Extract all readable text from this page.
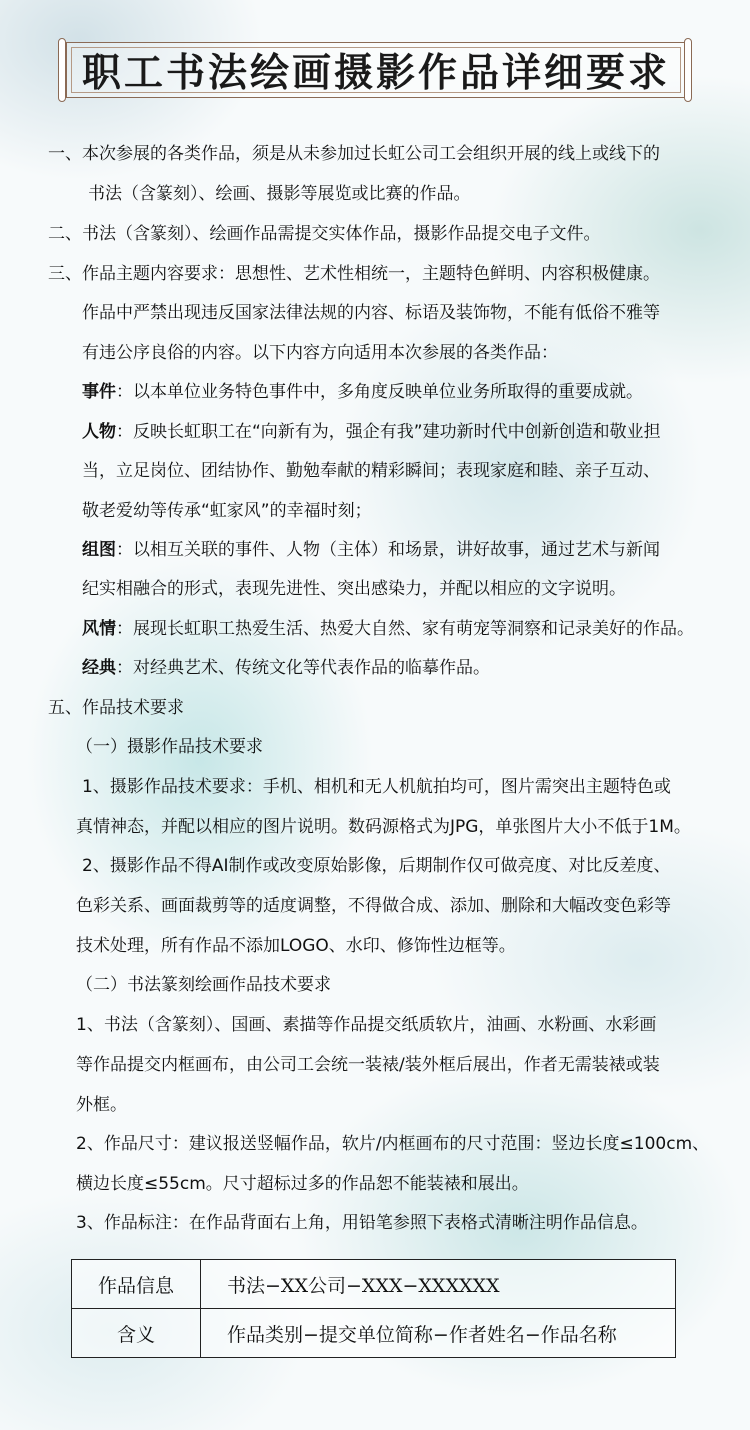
职工书法绘画摄影作品详细要求
一、本次参展的各类作品，须是从未参加过长虹公司工会组织开展的线上或线下的
书法（含篆刻）、绘画、摄影等展览或比赛的作品。
二、书法（含篆刻）、绘画作品需提交实体作品，摄影作品提交电子文件。
三、作品主题内容要求：思想性、艺术性相统一，主题特色鲜明、内容积极健康。
作品中严禁出现违反国家法律法规的内容、标语及装饰物，不能有低俗不雅等
有违公序良俗的内容。以下内容方向适用本次参展的各类作品：
事件：以本单位业务特色事件中，多角度反映单位业务所取得的重要成就。
人物：反映长虹职工在“向新有为，强企有我”建功新时代中创新创造和敬业担
当，立足岗位、团结协作、勤勉奉献的精彩瞬间；表现家庭和睦、亲子互动、
敬老爱幼等传承“虹家风”的幸福时刻；
组图：以相互关联的事件、人物（主体）和场景，讲好故事，通过艺术与新闻
纪实相融合的形式，表现先进性、突出感染力，并配以相应的文字说明。
风情：展现长虹职工热爱生活、热爱大自然、家有萌宠等洞察和记录美好的作品。
经典：对经典艺术、传统文化等代表作品的临摹作品。
五、作品技术要求
（一）摄影作品技术要求
1、摄影作品技术要求：手机、相机和无人机航拍均可，图片需突出主题特色或
真情神态，并配以相应的图片说明。数码源格式为JPG，单张图片大小不低于1M。
2、摄影作品不得AI制作或改变原始影像，后期制作仅可做亮度、对比反差度、
色彩关系、画面裁剪等的适度调整，不得做合成、添加、删除和大幅改变色彩等
技术处理，所有作品不添加LOGO、水印、修饰性边框等。
（二）书法篆刻绘画作品技术要求
1、书法（含篆刻）、国画、素描等作品提交纸质软片，油画、水粉画、水彩画
等作品提交内框画布，由公司工会统一装裱/装外框后展出，作者无需装裱或装
外框。
2、作品尺寸：建议报送竖幅作品，软片/内框画布的尺寸范围：竖边长度≤100cm、
横边长度≤55cm。尺寸超标过多的作品恕不能装裱和展出。
3、作品标注：在作品背面右上角，用铅笔参照下表格式清晰注明作品信息。
作品信息	书法−XX公司−XXX−XXXXXX
含义	作品类别−提交单位简称−作者姓名−作品名称
